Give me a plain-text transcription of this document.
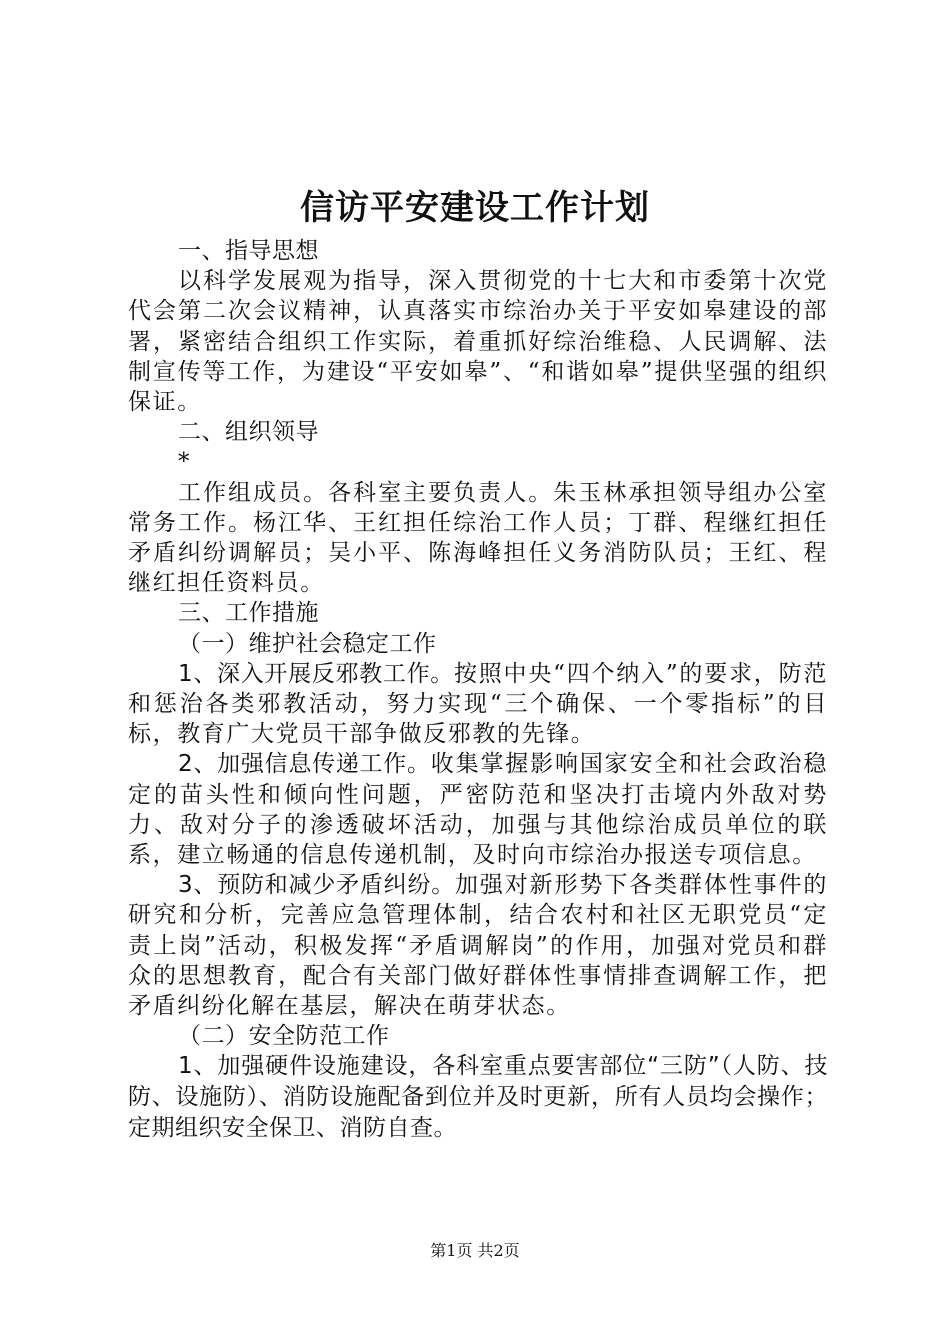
信访平安建设工作计划

一、指导思想

以科学发展观为指导，深入贯彻党的十七大和市委第十次党代会第二次会议精神，认真落实市综治办关于平安如皋建设的部署，紧密结合组织工作实际，着重抓好综治维稳、人民调解、法制宣传等工作，为建设“平安如皋”、“和谐如皋”提供坚强的组织保证。

二、组织领导

*

工作组成员。各科室主要负责人。朱玉林承担领导组办公室常务工作。杨江华、王红担任综治工作人员；丁群、程继红担任矛盾纠纷调解员；吴小平、陈海峰担任义务消防队员；王红、程继红担任资料员。

三、工作措施

（一）维护社会稳定工作

1、深入开展反邪教工作。按照中央“四个纳入”的要求，防范和惩治各类邪教活动，努力实现“三个确保、一个零指标”的目标，教育广大党员干部争做反邪教的先锋。

2、加强信息传递工作。收集掌握影响国家安全和社会政治稳定的苗头性和倾向性问题，严密防范和坚决打击境内外敌对势力、敌对分子的渗透破坏活动，加强与其他综治成员单位的联系，建立畅通的信息传递机制，及时向市综治办报送专项信息。

3、预防和减少矛盾纠纷。加强对新形势下各类群体性事件的研究和分析，完善应急管理体制，结合农村和社区无职党员“定责上岗”活动，积极发挥“矛盾调解岗”的作用，加强对党员和群众的思想教育，配合有关部门做好群体性事情排查调解工作，把矛盾纠纷化解在基层，解决在萌芽状态。

（二）安全防范工作

1、加强硬件设施建设，各科室重点要害部位“三防”（人防、技防、设施防）、消防设施配备到位并及时更新，所有人员均会操作；定期组织安全保卫、消防自查。

第1页 共2页
